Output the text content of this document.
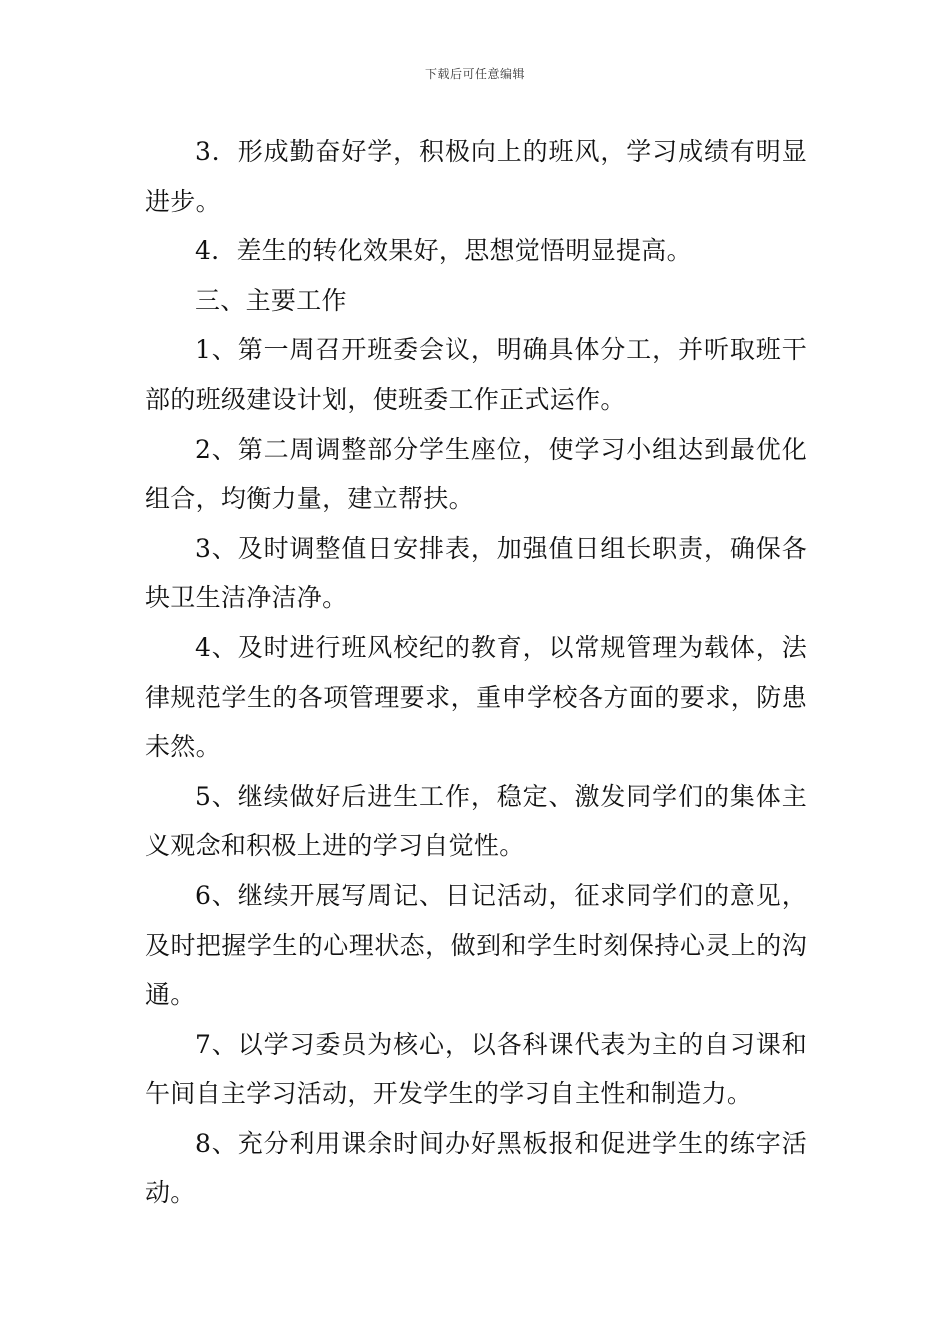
下载后可任意编辑

3．形成勤奋好学，积极向上的班风，学习成绩有明显进步。

4．差生的转化效果好，思想觉悟明显提高。

三、主要工作

1、第一周召开班委会议，明确具体分工，并听取班干部的班级建设计划，使班委工作正式运作。

2、第二周调整部分学生座位，使学习小组达到最优化组合，均衡力量，建立帮扶。

3、及时调整值日安排表，加强值日组长职责，确保各块卫生洁净洁净。

4、及时进行班风校纪的教育，以常规管理为载体，法律规范学生的各项管理要求，重申学校各方面的要求，防患未然。

5、继续做好后进生工作，稳定、激发同学们的集体主义观念和积极上进的学习自觉性。

6、继续开展写周记、日记活动，征求同学们的意见，及时把握学生的心理状态，做到和学生时刻保持心灵上的沟通。

7、以学习委员为核心，以各科课代表为主的自习课和午间自主学习活动，开发学生的学习自主性和制造力。

8、充分利用课余时间办好黑板报和促进学生的练字活动。
